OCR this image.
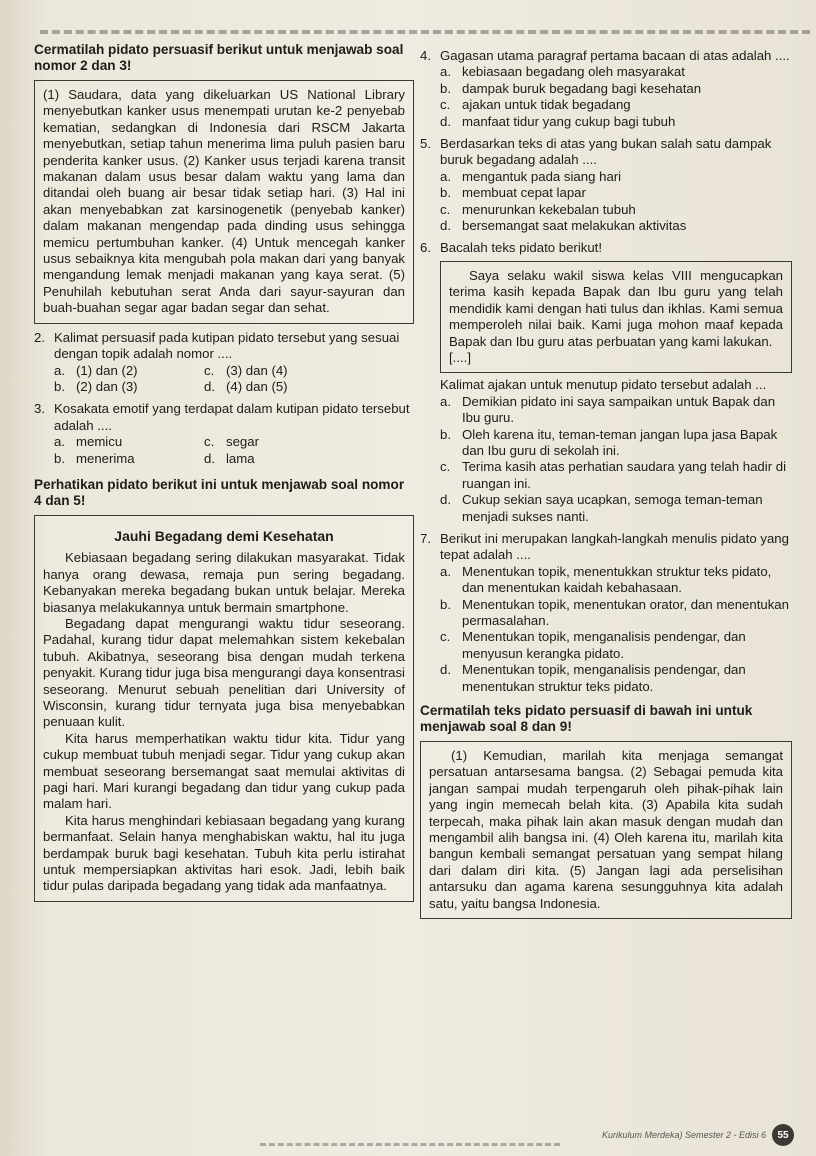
Cermatilah pidato persuasif berikut untuk menjawab soal nomor 2 dan 3!

(1) Saudara, data yang dikeluarkan US National Library menyebutkan kanker usus menempati urutan ke-2 penyebab kematian, sedangkan di Indonesia dari RSCM Jakarta menyebutkan, setiap tahun menerima lima puluh pasien baru penderita kanker usus. (2) Kanker usus terjadi karena transit makanan dalam usus besar dalam waktu yang lama dan ditandai oleh buang air besar tidak setiap hari. (3) Hal ini akan menyebabkan zat karsinogenetik (penyebab kanker) dalam makanan mengendap pada dinding usus sehingga memicu pertumbuhan kanker. (4) Untuk mencegah kanker usus sebaiknya kita mengubah pola makan dari yang banyak mengandung lemak menjadi makanan yang kaya serat. (5) Penuhilah kebutuhan serat Anda dari sayur-sayuran dan buah-buahan segar agar badan segar dan sehat.

2. Kalimat persuasif pada kutipan pidato tersebut yang sesuai dengan topik adalah nomor ....
a. (1) dan (2)	c. (3) dan (4)
b. (2) dan (3)	d. (4) dan (5)
3. Kosakata emotif yang terdapat dalam kutipan pidato tersebut adalah ....
a. memicu	c. segar
b. menerima	d. lama

Perhatikan pidato berikut ini untuk menjawab soal nomor 4 dan 5!

Jauhi Begadang demi Kesehatan

Kebiasaan begadang sering dilakukan masyarakat. Tidak hanya orang dewasa, remaja pun sering begadang. Kebanyakan mereka begadang bukan untuk belajar. Mereka biasanya melakukannya untuk bermain smartphone.

Begadang dapat mengurangi waktu tidur seseorang. Padahal, kurang tidur dapat melemahkan sistem kekebalan tubuh. Akibatnya, seseorang bisa dengan mudah terkena penyakit. Kurang tidur juga bisa mengurangi daya konsentrasi seseorang. Menurut sebuah penelitian dari University of Wisconsin, kurang tidur ternyata juga bisa menyebabkan penuaan kulit.

Kita harus memperhatikan waktu tidur kita. Tidur yang cukup membuat tubuh menjadi segar. Tidur yang cukup akan membuat seseorang bersemangat saat memulai aktivitas di pagi hari. Mari kurangi begadang dan tidur yang cukup pada malam hari.

Kita harus menghindari kebiasaan begadang yang kurang bermanfaat. Selain hanya menghabiskan waktu, hal itu juga berdampak buruk bagi kesehatan. Tubuh kita perlu istirahat untuk mempersiapkan aktivitas hari esok. Jadi, lebih baik tidur pulas daripada begadang yang tidak ada manfaatnya.

4. Gagasan utama paragraf pertama bacaan di atas adalah ....
a. kebiasaan begadang oleh masyarakat
b. dampak buruk begadang bagi kesehatan
c. ajakan untuk tidak begadang
d. manfaat tidur yang cukup bagi tubuh
5. Berdasarkan teks di atas yang bukan salah satu dampak buruk begadang adalah ....
a. mengantuk pada siang hari
b. membuat cepat lapar
c. menurunkan kekebalan tubuh
d. bersemangat saat melakukan aktivitas
6. Bacalah teks pidato berikut!

Saya selaku wakil siswa kelas VIII mengucapkan terima kasih kepada Bapak dan Ibu guru yang telah mendidik kami dengan hati tulus dan ikhlas. Kami semua memperoleh nilai baik. Kami juga mohon maaf kepada Bapak dan Ibu guru atas perbuatan yang kami lakukan.

[....]

Kalimat ajakan untuk menutup pidato tersebut adalah ...
a. Demikian pidato ini saya sampaikan untuk Bapak dan Ibu guru.
b. Oleh karena itu, teman-teman jangan lupa jasa Bapak dan Ibu guru di sekolah ini.
c. Terima kasih atas perhatian saudara yang telah hadir di ruangan ini.
d. Cukup sekian saya ucapkan, semoga teman-teman menjadi sukses nanti.
7. Berikut ini merupakan langkah-langkah menulis pidato yang tepat adalah ....
a. Menentukan topik, menentukkan struktur teks pidato, dan menentukan kaidah kebahasaan.
b. Menentukan topik, menentukan orator, dan menentukan permasalahan.
c. Menentukan topik, menganalisis pendengar, dan menyusun kerangka pidato.
d. Menentukan topik, menganalisis pendengar, dan menentukan struktur teks pidato.

Cermatilah teks pidato persuasif di bawah ini untuk menjawab soal 8 dan 9!

(1) Kemudian, marilah kita menjaga semangat persatuan antarsesama bangsa. (2) Sebagai pemuda kita jangan sampai mudah terpengaruh oleh pihak-pihak lain yang ingin memecah belah kita. (3) Apabila kita sudah terpecah, maka pihak lain akan masuk dengan mudah dan mengambil alih bangsa ini. (4) Oleh karena itu, marilah kita bangun kembali semangat persatuan yang sempat hilang dari dalam diri kita. (5) Jangan lagi ada perselisihan antarsuku dan agama karena sesungguhnya kita adalah satu, yaitu bangsa Indonesia.

Kurikulum Merdeka) Semester 2 - Edisi 6	55
